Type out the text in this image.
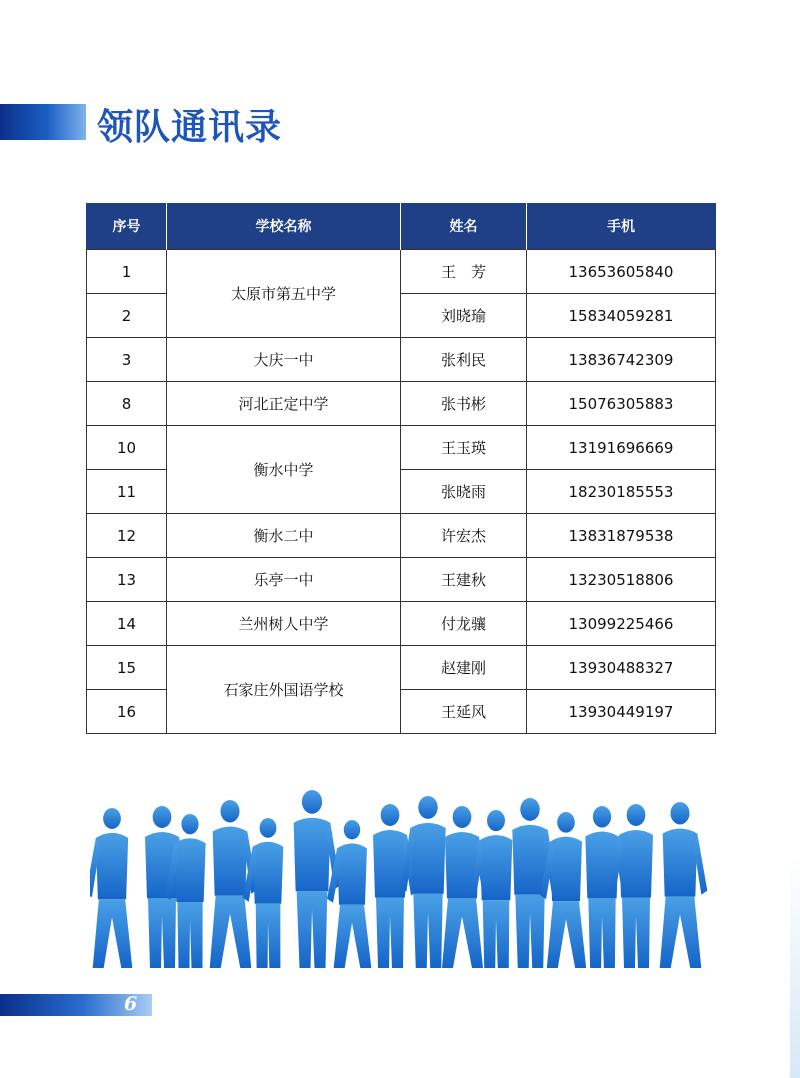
领队通讯录
序号	学校名称	姓名	手机
1	太原市第五中学	王　芳	13653605840
2		刘晓瑜	15834059281
3	大庆一中	张利民	13836742309
8	河北正定中学	张书彬	15076305883
10	衡水中学	王玉瑛	13191696669
11		张晓雨	18230185553
12	衡水二中	许宏杰	13831879538
13	乐亭一中	王建秋	13230518806
14	兰州树人中学	付龙骧	13099225466
15	石家庄外国语学校	赵建刚	13930488327
16		王延风	13930449197
6
